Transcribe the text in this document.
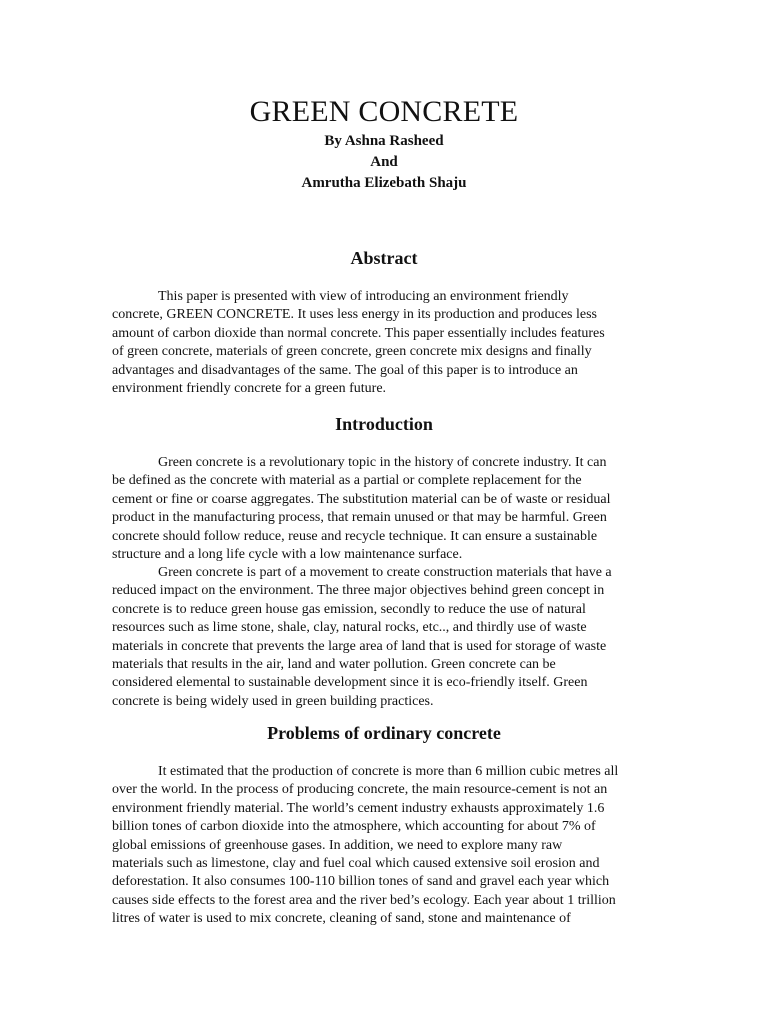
GREEN CONCRETE

By Ashna Rasheed

And

Amrutha Elizebath Shaju

Abstract

This paper is presented with view of introducing an environment friendly
concrete, GREEN CONCRETE. It uses less energy in its production and produces less
amount of carbon dioxide than normal concrete. This paper essentially includes features
of green concrete, materials of green concrete, green concrete mix designs and finally
advantages and disadvantages of the same. The goal of this paper is to introduce an
environment friendly concrete for a green future.

Introduction

Green concrete is a revolutionary topic in the history of concrete industry. It can
be defined as the concrete with material as a partial or complete replacement for the
cement or fine or coarse aggregates. The substitution material can be of waste or residual
product in the manufacturing process, that remain unused or that may be harmful. Green
concrete should follow reduce, reuse and recycle technique. It can ensure a sustainable
structure and a long life cycle with a low maintenance surface.

Green concrete is part of a movement to create construction materials that have a
reduced impact on the environment. The three major objectives behind green concept in
concrete is to reduce green house gas emission, secondly to reduce the use of natural
resources such as lime stone, shale, clay, natural rocks, etc.., and thirdly use of waste
materials in concrete that prevents the large area of land that is used for storage of waste
materials that results in the air, land and water pollution. Green concrete can be
considered elemental to sustainable development since it is eco-friendly itself. Green
concrete is being widely used in green building practices.

Problems of ordinary concrete

It estimated that the production of concrete is more than 6 million cubic metres all
over the world. In the process of producing concrete, the main resource-cement is not an
environment friendly material. The world’s cement industry exhausts approximately 1.6
billion tones of carbon dioxide into the atmosphere, which accounting for about 7% of
global emissions of greenhouse gases. In addition, we need to explore many raw
materials such as limestone, clay and fuel coal which caused extensive soil erosion and
deforestation. It also consumes 100-110 billion tones of sand and gravel each year which
causes side effects to the forest area and the river bed’s ecology. Each year about 1 trillion
litres of water is used to mix concrete, cleaning of sand, stone and maintenance of
